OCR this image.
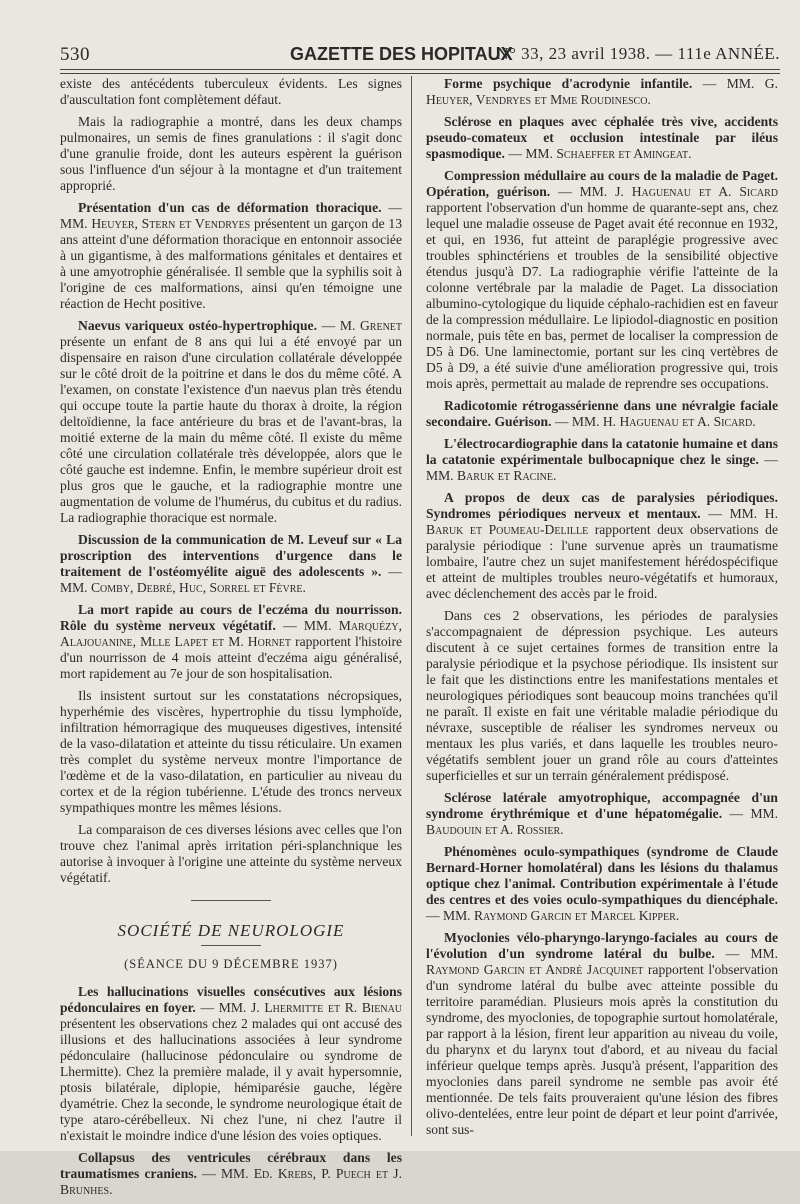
530	GAZETTE DES HOPITAUX
N° 33, 23 avril 1938. — 111e ANNÉE.

existe des antécédents tuberculeux évidents. Les signes d'auscultation font complètement défaut.

Mais la radiographie a montré, dans les deux champs pulmonaires, un semis de fines granulations : il s'agit donc d'une granulie froide, dont les auteurs espèrent la guérison sous l'influence d'un séjour à la montagne et d'un traitement approprié.

Présentation d'un cas de déformation thoracique. — MM. Heuyer, Stern et Vendryes présentent un garçon de 13 ans atteint d'une déformation thoracique en entonnoir associée à un gigantisme, à des malformations génitales et dentaires et à une amyotrophie généralisée. Il semble que la syphilis soit à l'origine de ces malformations, ainsi qu'en témoigne une réaction de Hecht positive.

Naevus variqueux ostéo-hypertrophique. — M. Grenet présente un enfant de 8 ans qui lui a été envoyé par un dispensaire en raison d'une circulation collatérale développée sur le côté droit de la poitrine et dans le dos du même côté. A l'examen, on constate l'existence d'un naevus plan très étendu qui occupe toute la partie haute du thorax à droite, la région deltoïdienne, la face antérieure du bras et de l'avant-bras, la moitié externe de la main du même côté. Il existe du même côté une circulation collatérale très développée, alors que le côté gauche est indemne. Enfin, le membre supérieur droit est plus gros que le gauche, et la radiographie montre une augmentation de volume de l'humérus, du cubitus et du radius. La radiographie thoracique est normale.

Discussion de la communication de M. Leveuf sur « La proscription des interventions d'urgence dans le traitement de l'ostéomyélite aiguë des adolescents ». — MM. Comby, Debré, Huc, Sorrel et Fèvre.

La mort rapide au cours de l'eczéma du nourrisson. Rôle du système nerveux végétatif. — MM. Marquézy, Alajouanine, Mlle Lapet et M. Hornet rapportent l'histoire d'un nourrisson de 4 mois atteint d'eczéma aigu généralisé, mort rapidement au 7e jour de son hospitalisation.

Ils insistent surtout sur les constatations nécropsiques, hyperhémie des viscères, hypertrophie du tissu lymphoïde, infiltration hémorragique des muqueuses digestives, intensité de la vaso-dilatation et atteinte du tissu réticulaire. Un examen très complet du système nerveux montre l'importance de l'œdème et de la vaso-dilatation, en particulier au niveau du cortex et de la région tubérienne. L'étude des troncs nerveux sympathiques montre les mêmes lésions.

La comparaison de ces diverses lésions avec celles que l'on trouve chez l'animal après irritation péri-splanchnique les autorise à invoquer à l'origine une atteinte du système nerveux végétatif.

SOCIÉTÉ DE NEUROLOGIE
(SÉANCE DU 9 DÉCEMBRE 1937)

Les hallucinations visuelles consécutives aux lésions pédonculaires en foyer. — MM. J. Lhermitte et R. Bienau présentent les observations chez 2 malades qui ont accusé des illusions et des hallucinations associées à leur syndrome pédonculaire (hallucinose pédonculaire ou syndrome de Lhermitte). Chez la première malade, il y avait hypersomnie, ptosis bilatérale, diplopie, hémiparésie gauche, légère dyamétrie. Chez la seconde, le syndrome neurologique était de type ataro-cérébelleux. Ni chez l'une, ni chez l'autre il n'existait le moindre indice d'une lésion des voies optiques.

Collapsus des ventricules cérébraux dans les traumatismes craniens. — MM. Ed. Krebs, P. Puech et J. Brunhes.

Forme psychique d'acrodynie infantile. — MM. G. Heuyer, Vendryes et Mme Roudinesco.

Sclérose en plaques avec céphalée très vive, accidents pseudo-comateux et occlusion intestinale par iléus spasmodique. — MM. Schaeffer et Amingeat.

Compression médullaire au cours de la maladie de Paget. Opération, guérison. — MM. J. Haguenau et A. Sicard rapportent l'observation d'un homme de quarante-sept ans, chez lequel une maladie osseuse de Paget avait été reconnue en 1932, et qui, en 1936, fut atteint de paraplégie progressive avec troubles sphinctériens et troubles de la sensibilité objective étendus jusqu'à D7. La radiographie vérifie l'atteinte de la colonne vertébrale par la maladie de Paget. La dissociation albumino-cytologique du liquide céphalo-rachidien est en faveur de la compression médullaire. Le lipiodol-diagnostic en position normale, puis tête en bas, permet de localiser la compression de D5 à D6. Une laminectomie, portant sur les cinq vertèbres de D5 à D9, a été suivie d'une amélioration progressive qui, trois mois après, permettait au malade de reprendre ses occupations.

Radicotomie rétrogassérienne dans une névralgie faciale secondaire. Guérison. — MM. H. Haguenau et A. Sicard.

L'électrocardiographie dans la catatonie humaine et dans la catatonie expérimentale bulbocapnique chez le singe. — MM. Baruk et Racine.

A propos de deux cas de paralysies périodiques. Syndromes périodiques nerveux et mentaux. — MM. H. Baruk et Poumeau-Delille rapportent deux observations de paralysie périodique : l'une survenue après un traumatisme lombaire, l'autre chez un sujet manifestement hérédospécifique et atteint de multiples troubles neuro-végétatifs et humoraux, avec déclenchement des accès par le froid.

Dans ces 2 observations, les périodes de paralysies s'accompagnaient de dépression psychique. Les auteurs discutent à ce sujet certaines formes de transition entre la paralysie périodique et la psychose périodique. Ils insistent sur le fait que les distinctions entre les manifestations mentales et neurologiques périodiques sont beaucoup moins tranchées qu'il ne paraît. Il existe en fait une véritable maladie périodique du névraxe, susceptible de réaliser les syndromes nerveux ou mentaux les plus variés, et dans laquelle les troubles neuro-végétatifs semblent jouer un grand rôle au cours d'atteintes superficielles et sur un terrain généralement prédisposé.

Sclérose latérale amyotrophique, accompagnée d'un syndrome érythrémique et d'une hépatomégalie. — MM. Baudouin et A. Rossier.

Phénomènes oculo-sympathiques (syndrome de Claude Bernard-Horner homolatéral) dans les lésions du thalamus optique chez l'animal. Contribution expérimentale à l'étude des centres et des voies oculo-sympathiques du diencéphale. — MM. Raymond Garcin et Marcel Kipper.

Myoclonies vélo-pharyngo-laryngo-faciales au cours de l'évolution d'un syndrome latéral du bulbe. — MM. Raymond Garcin et André Jacquinet rapportent l'observation d'un syndrome latéral du bulbe avec atteinte possible du territoire paramédian. Plusieurs mois après la constitution du syndrome, des myoclonies, de topographie surtout homolatérale, par rapport à la lésion, firent leur apparition au niveau du voile, du pharynx et du larynx tout d'abord, et au niveau du facial inférieur quelque temps après. Jusqu'à présent, l'apparition des myoclonies dans pareil syndrome ne semble pas avoir été mentionnée. De tels faits prouveraient qu'une lésion des fibres olivo-dentelées, entre leur point de départ et leur point d'arrivée, sont sus-
